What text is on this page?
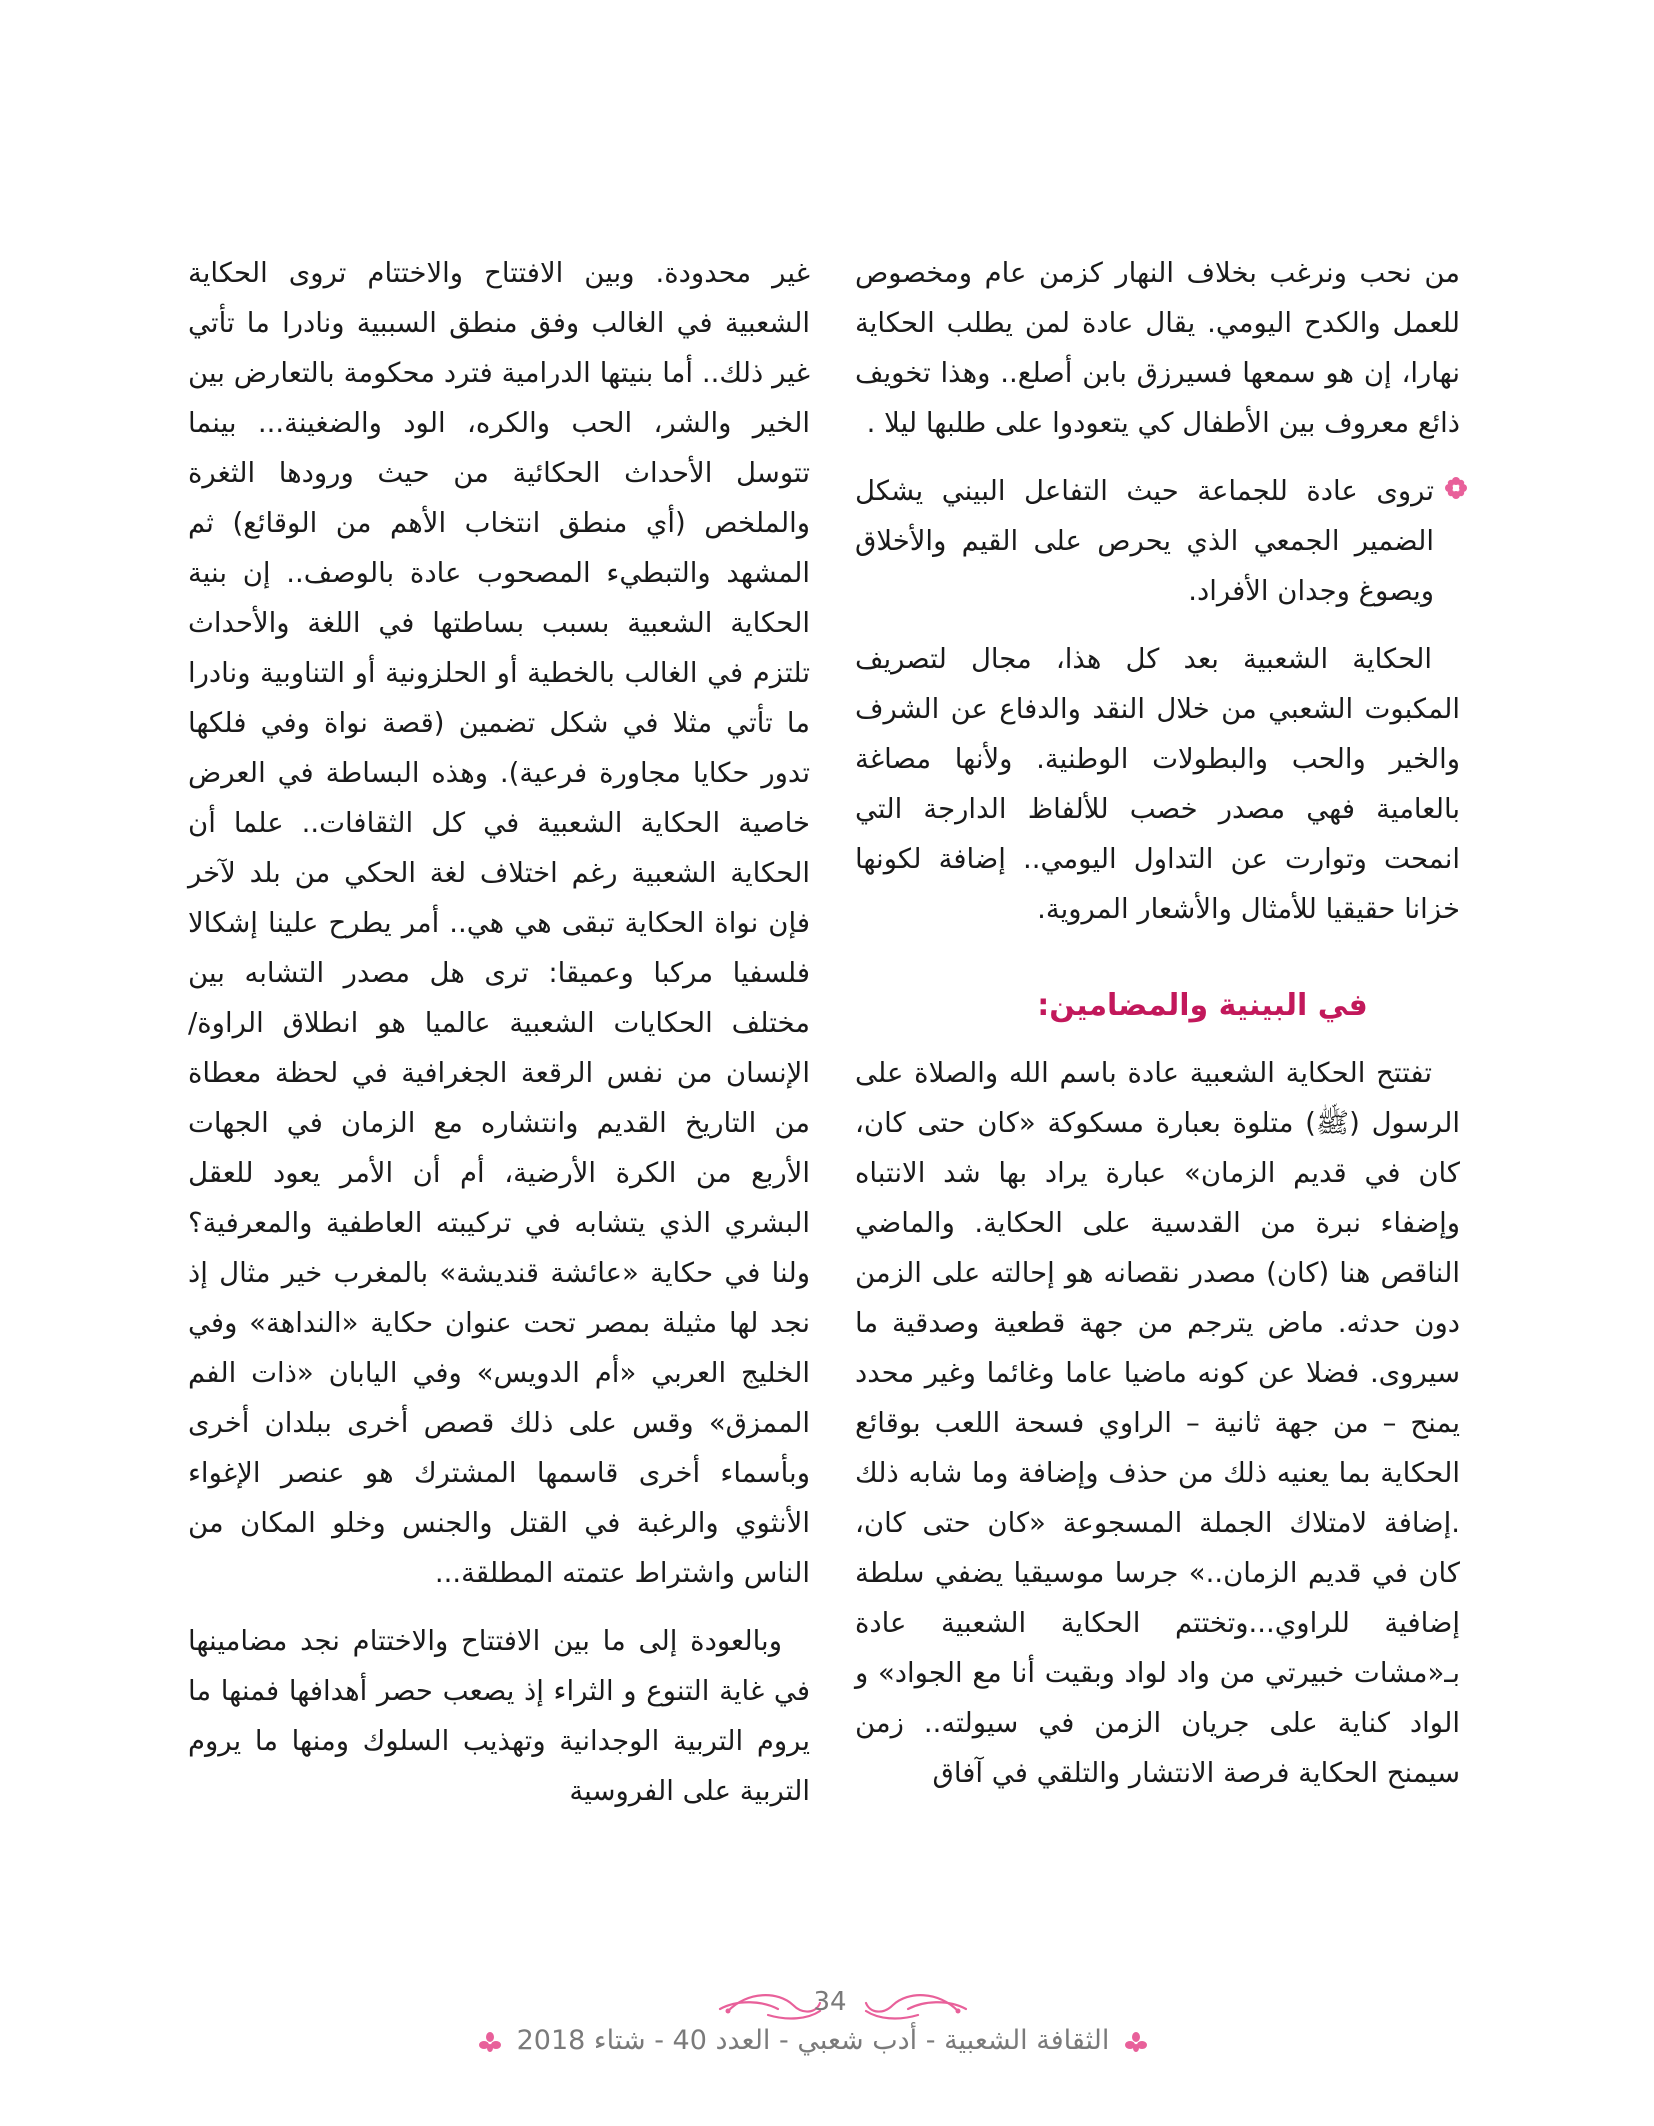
من نحب ونرغب بخلاف النهار كزمن عام ومخصوص للعمل والكدح اليومي. يقال عادة لمن يطلب الحكاية نهارا، إن هو سمعها فسيرزق بابن أصلع.. وهذا تخويف ذائع معروف بين الأطفال كي يتعودوا على طلبها ليلا .

تروى عادة للجماعة حيث التفاعل البيني يشكل الضمير الجمعي الذي يحرص على القيم والأخلاق ويصوغ وجدان الأفراد.

الحكاية الشعبية بعد كل هذا، مجال لتصريف المكبوت الشعبي من خلال النقد والدفاع عن الشرف والخير والحب والبطولات الوطنية. ولأنها مصاغة بالعامية فهي مصدر خصب للألفاظ الدارجة التي انمحت وتوارت عن التداول اليومي.. إضافة لكونها خزانا حقيقيا للأمثال والأشعار المروية.

في البينية والمضامين:

تفتتح الحكاية الشعبية عادة باسم الله والصلاة على الرسول (ﷺ) متلوة بعبارة مسكوكة «كان حتى كان، كان في قديم الزمان» عبارة يراد بها شد الانتباه وإضفاء نبرة من القدسية على الحكاية. والماضي الناقص هنا (كان) مصدر نقصانه هو إحالته على الزمن دون حدثه. ماض يترجم من جهة قطعية وصدقية ما سيروى. فضلا عن كونه ماضيا عاما وغائما وغير محدد يمنح – من جهة ثانية – الراوي فسحة اللعب بوقائع الحكاية بما يعنيه ذلك من حذف وإضافة وما شابه ذلك .إضافة لامتلاك الجملة المسجوعة «كان حتى كان، كان في قديم الزمان..» جرسا موسيقيا يضفي سلطة إضافية للراوي...وتختتم الحكاية الشعبية عادة بـ«مشات خبيرتي من واد لواد وبقيت أنا مع الجواد» و الواد كناية على جريان الزمن في سيولته.. زمن سيمنح الحكاية فرصة الانتشار والتلقي في آفاق

غير محدودة. وبين الافتتاح والاختتام تروى الحكاية الشعبية في الغالب وفق منطق السببية ونادرا ما تأتي غير ذلك.. أما بنيتها الدرامية فترد محكومة بالتعارض بين الخير والشر، الحب والكره، الود والضغينة... بينما تتوسل الأحداث الحكائية من حيث ورودها الثغرة والملخص (أي منطق انتخاب الأهم من الوقائع) ثم المشهد والتبطيء المصحوب عادة بالوصف.. إن بنية الحكاية الشعبية بسبب بساطتها في اللغة والأحداث تلتزم في الغالب بالخطية أو الحلزونية أو التناوبية ونادرا ما تأتي مثلا في شكل تضمين (قصة نواة وفي فلكها تدور حكايا مجاورة فرعية). وهذه البساطة في العرض خاصية الحكاية الشعبية في كل الثقافات.. علما أن الحكاية الشعبية رغم اختلاف لغة الحكي من بلد لآخر فإن نواة الحكاية تبقى هي هي.. أمر يطرح علينا إشكالا فلسفيا مركبا وعميقا: ترى هل مصدر التشابه بين مختلف الحكايات الشعبية عالميا هو انطلاق الراوة/الإنسان من نفس الرقعة الجغرافية في لحظة معطاة من التاريخ القديم وانتشاره مع الزمان في الجهات الأربع من الكرة الأرضية، أم أن الأمر يعود للعقل البشري الذي يتشابه في تركيبته العاطفية والمعرفية؟ ولنا في حكاية «عائشة قنديشة» بالمغرب خير مثال إذ نجد لها مثيلة بمصر تحت عنوان حكاية «النداهة» وفي الخليج العربي «أم الدويس» وفي اليابان «ذات الفم الممزق» وقس على ذلك قصص أخرى ببلدان أخرى وبأسماء أخرى قاسمها المشترك هو عنصر الإغواء الأنثوي والرغبة في القتل والجنس وخلو المكان من الناس واشتراط عتمته المطلقة...

وبالعودة إلى ما بين الافتتاح والاختتام نجد مضامينها في غاية التنوع و الثراء إذ يصعب حصر أهدافها فمنها ما يروم التربية الوجدانية وتهذيب السلوك ومنها ما يروم التربية على الفروسية

34
الثقافة الشعبية - أدب شعبي - العدد 40 - شتاء 2018
